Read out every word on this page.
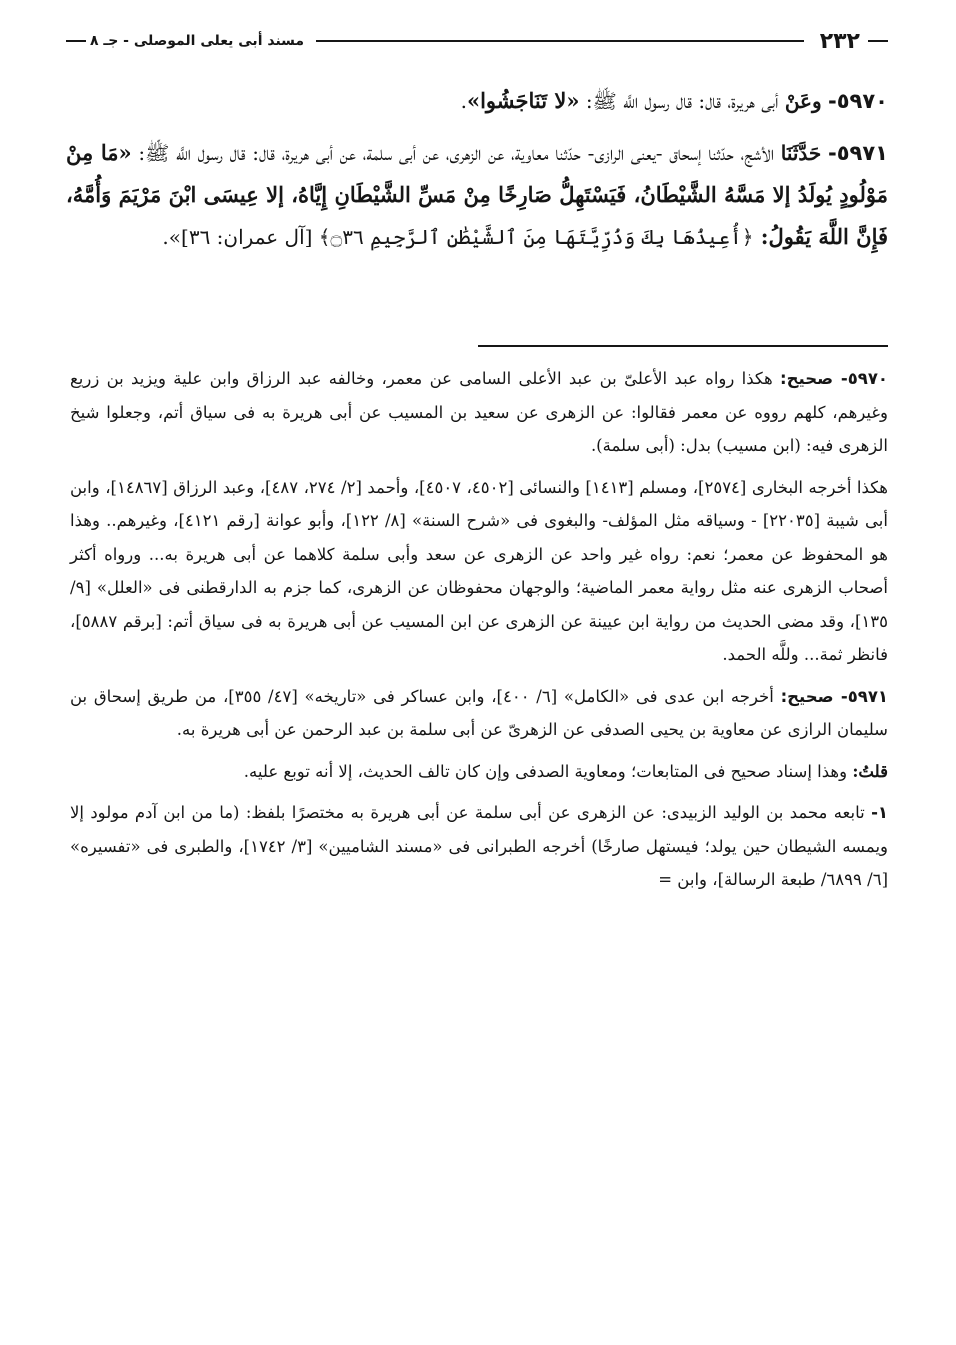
٢٣٢
مسند أبى يعلى الموصلى - جـ ٨

٥٩٧٠- وعَنْ أبى هريرة، قال: قال رسول اللَّه ﷺ: «لا تَنَاجَشُوا».

٥٩٧١- حَدَّثَنَا الأشج، حدّثنا إسحاق -يعنى الرازى- حدّثنا معاوية، عن الزهرى، عن أبى سلمة، عن أبى هريرة، قال: قال رسول اللَّه ﷺ: «مَا مِنْ مَوْلُودٍ يُولَدُ إلا مَسَّهُ الشَّيْطَانُ، فَيَسْتَهِلُّ صَارِخًا مِنْ مَسِّ الشَّيْطَانِ إِيَّاهُ، إلا عِيسَى ابْنَ مَرْيَمَ وَأُمَّهُ، فَإِنَّ اللَّهَ يَقُولُ: ﴿أُعِيذُهَا بِكَ وَذُرِّيَّتَهَا مِنَ ٱلشَّيْطَٰنِ ٱلرَّجِيمِ ۝٣٦﴾ [آل عمران: ٣٦]».

٥٩٧٠- صحيح: هكذا رواه عبد الأعلىّ بن عبد الأعلى السامى عن معمر، وخالفه عبد الرزاق وابن علية ويزيد بن زريع وغيرهم، كلهم رووه عن معمر فقالوا: عن الزهرى عن سعيد بن المسيب عن أبى هريرة به فى سياق أتم، وجعلوا شيخ الزهرى فيه: (ابن مسيب) بدل: (أبى سلمة).

هكذا أخرجه البخارى [٢٥٧٤]، ومسلم [١٤١٣] والنسائى [٤٥٠٢، ٤٥٠٧]، وأحمد [٢/ ٢٧٤، ٤٨٧]، وعبد الرزاق [١٤٨٦٧]، وابن أبى شيبة [٢٢٠٣٥] - وسياقه مثل المؤلف- والبغوى فى «شرح السنة» [٨/ ١٢٢]، وأبو عوانة [رقم ٤١٢١]، وغيرهم.. وهذا هو المحفوظ عن معمر؛ نعم: رواه غير واحد عن الزهرى عن سعد وأبى سلمة كلاهما عن أبى هريرة به... ورواه أكثر أصحاب الزهرى عنه مثل رواية معمر الماضية؛ والوجهان محفوظان عن الزهرى، كما جزم به الدارقطنى فى «العلل» [٩/ ١٣٥]، وقد مضى الحديث من رواية ابن عيينة عن الزهرى عن ابن المسيب عن أبى هريرة به فى سياق أتم: [برقم ٥٨٨٧]، فانظر ثمة... وللَّه الحمد.

٥٩٧١- صحيح: أخرجه ابن عدى فى «الكامل» [٦/ ٤٠٠]، وابن عساكر فى «تاريخه» [٤٧/ ٣٥٥]، من طريق إسحاق بن سليمان الرازى عن معاوية بن يحيى الصدفى عن الزهرىّ عن أبى سلمة بن عبد الرحمن عن أبى هريرة به.

قلتُ: وهذا إسناد صحيح فى المتابعات؛ ومعاوية الصدفى وإن كان تالف الحديث، إلا أنه توبع عليه.

١- تابعه محمد بن الوليد الزبيدى: عن الزهرى عن أبى سلمة عن أبى هريرة به مختصرًا بلفظ: (ما من ابن آدم مولود إلا ويمسه الشيطان حين يولد؛ فيستهل صارخًا) أخرجه الطبرانى فى «مسند الشاميين» [٣/ ١٧٤٢]، والطبرى فى «تفسيره» [٦/ ٦٨٩٩/ طبعة الرسالة]، وابن =
